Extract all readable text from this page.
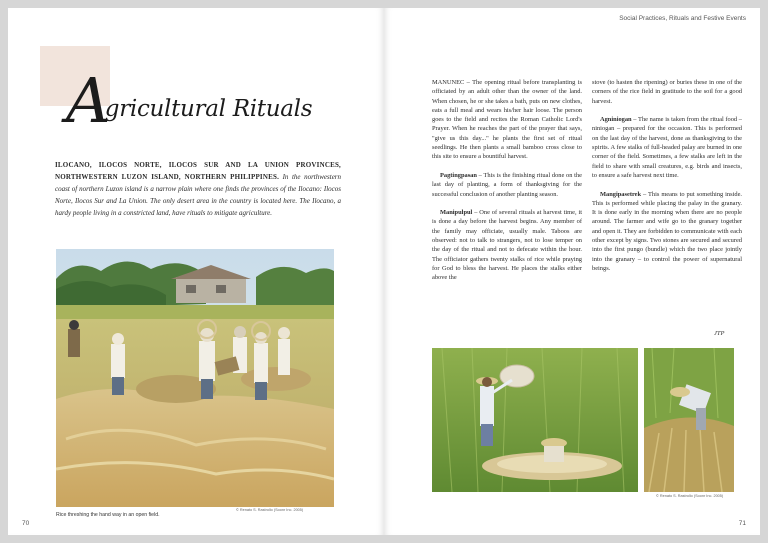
Agricultural Rituals
ILOCANO, ILOCOS NORTE, ILOCOS SUR AND LA UNION PROVINCES, NORTHWESTERN LUZON ISLAND, NORTHERN PHILIPPINES. In the northwestern coast of northern Luzon island is a narrow plain where one finds the provinces of the Ilocano: Ilocos Norte, Ilocos Sur and La Union. The only desert area in the country is located here. The Ilocano, a hardy people living in a constricted land, have rituals to mitigate agriculture.
© Renato S. Rastrollo (Soonr Inc. 2005)
Rice threshing the hand way in an open field.
70
Social Practices, Rituals and Festive Events

MANUNEC – The opening ritual before transplanting is officiated by an adult other than the owner of the land. When chosen, he or she takes a bath, puts on new clothes, eats a full meal and wears his/her hair loose. The person goes to the field and recites the Roman Catholic Lord's Prayer. When he reaches the part of the prayer that says, "give us this day..." he plants the first set of ritual seedlings. He then plants a small bamboo cross close to this site to ensure a bountiful harvest.

Pagtingpasan – This is the finishing ritual done on the last day of planting, a form of thanksgiving for the successful conclusion of another planting season.

Manipulpul – One of several rituals at harvest time, it is done a day before the harvest begins. Any member of the family may officiate, usually male. Taboos are observed: not to talk to strangers, not to lose temper on the day of the ritual and not to defecate within the hour. The officiator gathers twenty stalks of rice while praying for God to bless the harvest. He places the stalks either above the

stove (to hasten the ripening) or buries these in one of the corners of the rice field in gratitude to the soil for a good harvest.

Agniniogan – The name is taken from the ritual food – niniogan – prepared for the occasion. This is performed on the last day of the harvest, done as thanksgiving to the spirits. A few stalks of full-headed palay are burned in one corner of the field. Sometimes, a few stalks are left in the field to share with small creatures, e.g. birds and insects, to ensure a safe harvest next time.

Mangipasetrek – This means to put something inside. This is performed while placing the palay in the granary. It is done early in the morning when there are no people around. The farmer and wife go to the granary together and open it. They are forbidden to communicate with each other except by signs. Two stones are secured and secured into the first pungo (bundle) which the two place jointly into the granary – to control the power of supernatural beings.

JTP
© Renato S. Rastrollo (Soonr Inc. 2005)
71
